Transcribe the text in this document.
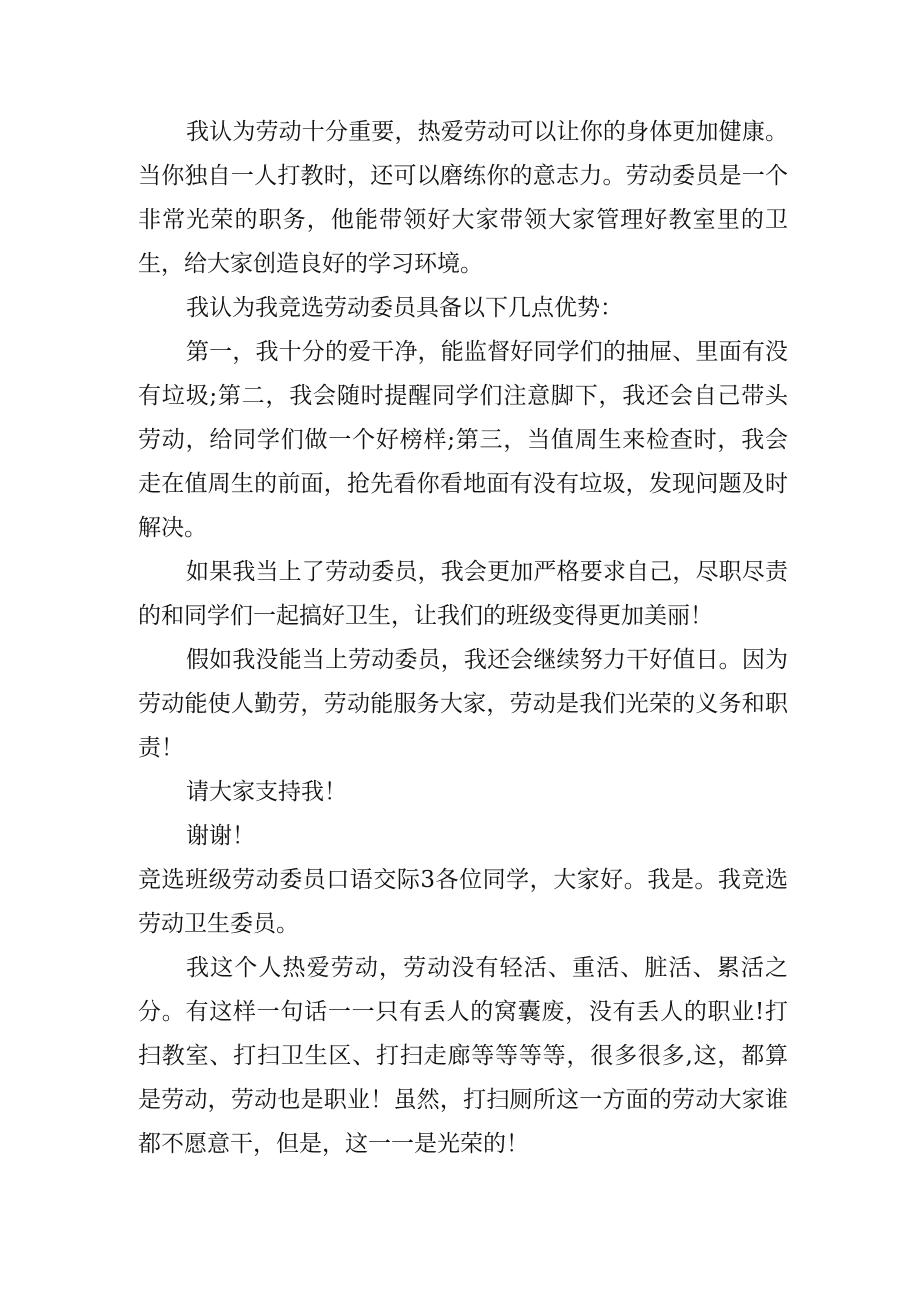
我认为劳动十分重要，热爱劳动可以让你的身体更加健康。当你独自一人打教时，还可以磨练你的意志力。劳动委员是一个非常光荣的职务，他能带领好大家带领大家管理好教室里的卫生，给大家创造良好的学习环境。

我认为我竞选劳动委员具备以下几点优势：

第一，我十分的爱干净，能监督好同学们的抽屉、里面有没有垃圾;第二，我会随时提醒同学们注意脚下，我还会自己带头劳动，给同学们做一个好榜样;第三，当值周生来检查时，我会走在值周生的前面，抢先看你看地面有没有垃圾，发现问题及时解决。

如果我当上了劳动委员，我会更加严格要求自己，尽职尽责的和同学们一起搞好卫生，让我们的班级变得更加美丽！

假如我没能当上劳动委员，我还会继续努力干好值日。因为劳动能使人勤劳，劳动能服务大家，劳动是我们光荣的义务和职责！

请大家支持我！

谢谢！

竞选班级劳动委员口语交际3各位同学，大家好。我是。我竞选劳动卫生委员。

我这个人热爱劳动，劳动没有轻活、重活、脏活、累活之分。有这样一句话一一只有丢人的窝囊废，没有丢人的职业!打扫教室、打扫卫生区、打扫走廊等等等等，很多很多,这，都算是劳动，劳动也是职业！虽然，打扫厕所这一方面的劳动大家谁都不愿意干，但是，这一一是光荣的！
